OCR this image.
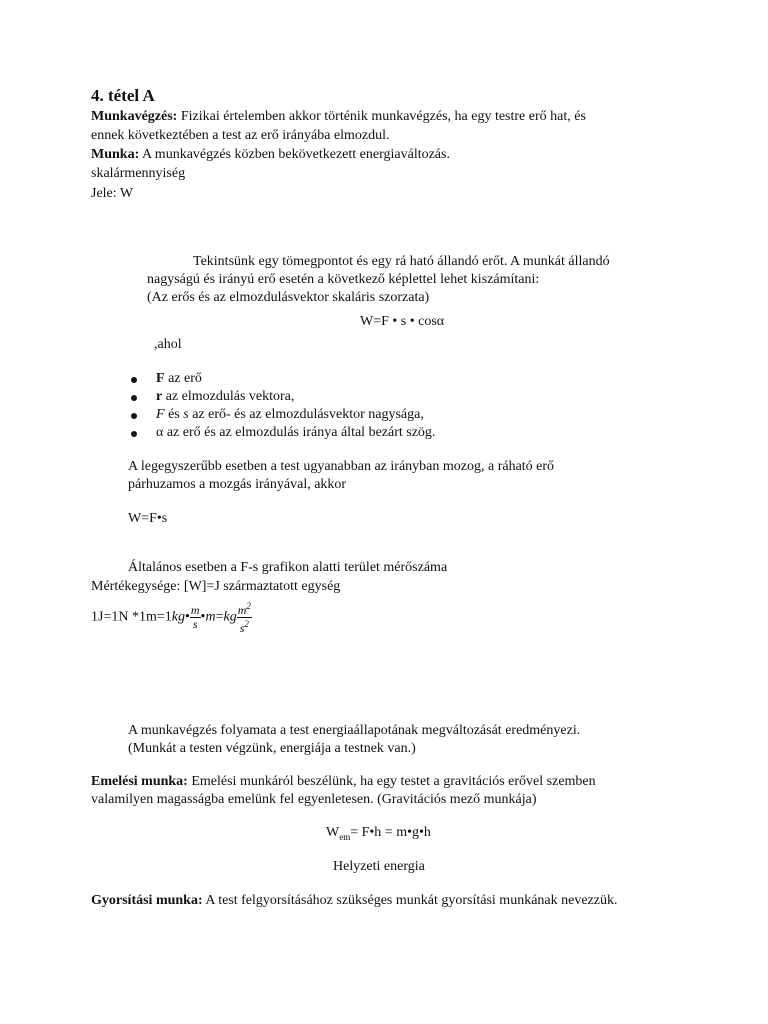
4. tétel A
Munkavégzés: Fizikai értelemben akkor történik munkavégzés, ha egy testre erő hat, és
ennek következtében a test az erő irányába elmozdul.
Munka: A munkavégzés közben bekövetkezett energiaváltozás.
skalármennyiség
Jele: W
Tekintsünk egy tömegpontot és egy rá ható állandó erőt. A munkát állandó
nagyságú és irányú erő esetén a következő képlettel lehet kiszámítani:
(Az erős és az elmozdulásvektor skaláris szorzata)
W=F • s • cosα
,ahol
F az erő
r az elmozdulás vektora,
F és s az erő- és az elmozdulásvektor nagysága,
α az erő és az elmozdulás iránya által bezárt szög.
A legegyszerűbb esetben a test ugyanabban az irányban mozog, a ráható erő
párhuzamos a mozgás irányával, akkor
W=F•s
Általános esetben a F-s grafikon alatti terület mérőszáma
Mértékegysége: [W]=J származtatott egység
1J=1N *1m=1kg• $\frac{m}{s}$ •m=kg $\frac{m^2}{s^2}$
A munkavégzés folyamata a test energiaállapotának megváltozását eredményezi.
(Munkát a testen végzünk, energiája a testnek van.)
Emelési munka: Emelési munkáról beszélünk, ha egy testet a gravitációs erővel szemben
valamilyen magasságba emelünk fel egyenletesen. (Gravitációs mező munkája)
$W_{em}=$ F•h = m•g•h
Helyzeti energia
Gyorsítási munka: A test felgyorsításához szükséges munkát gyorsítási munkának nevezzük.
